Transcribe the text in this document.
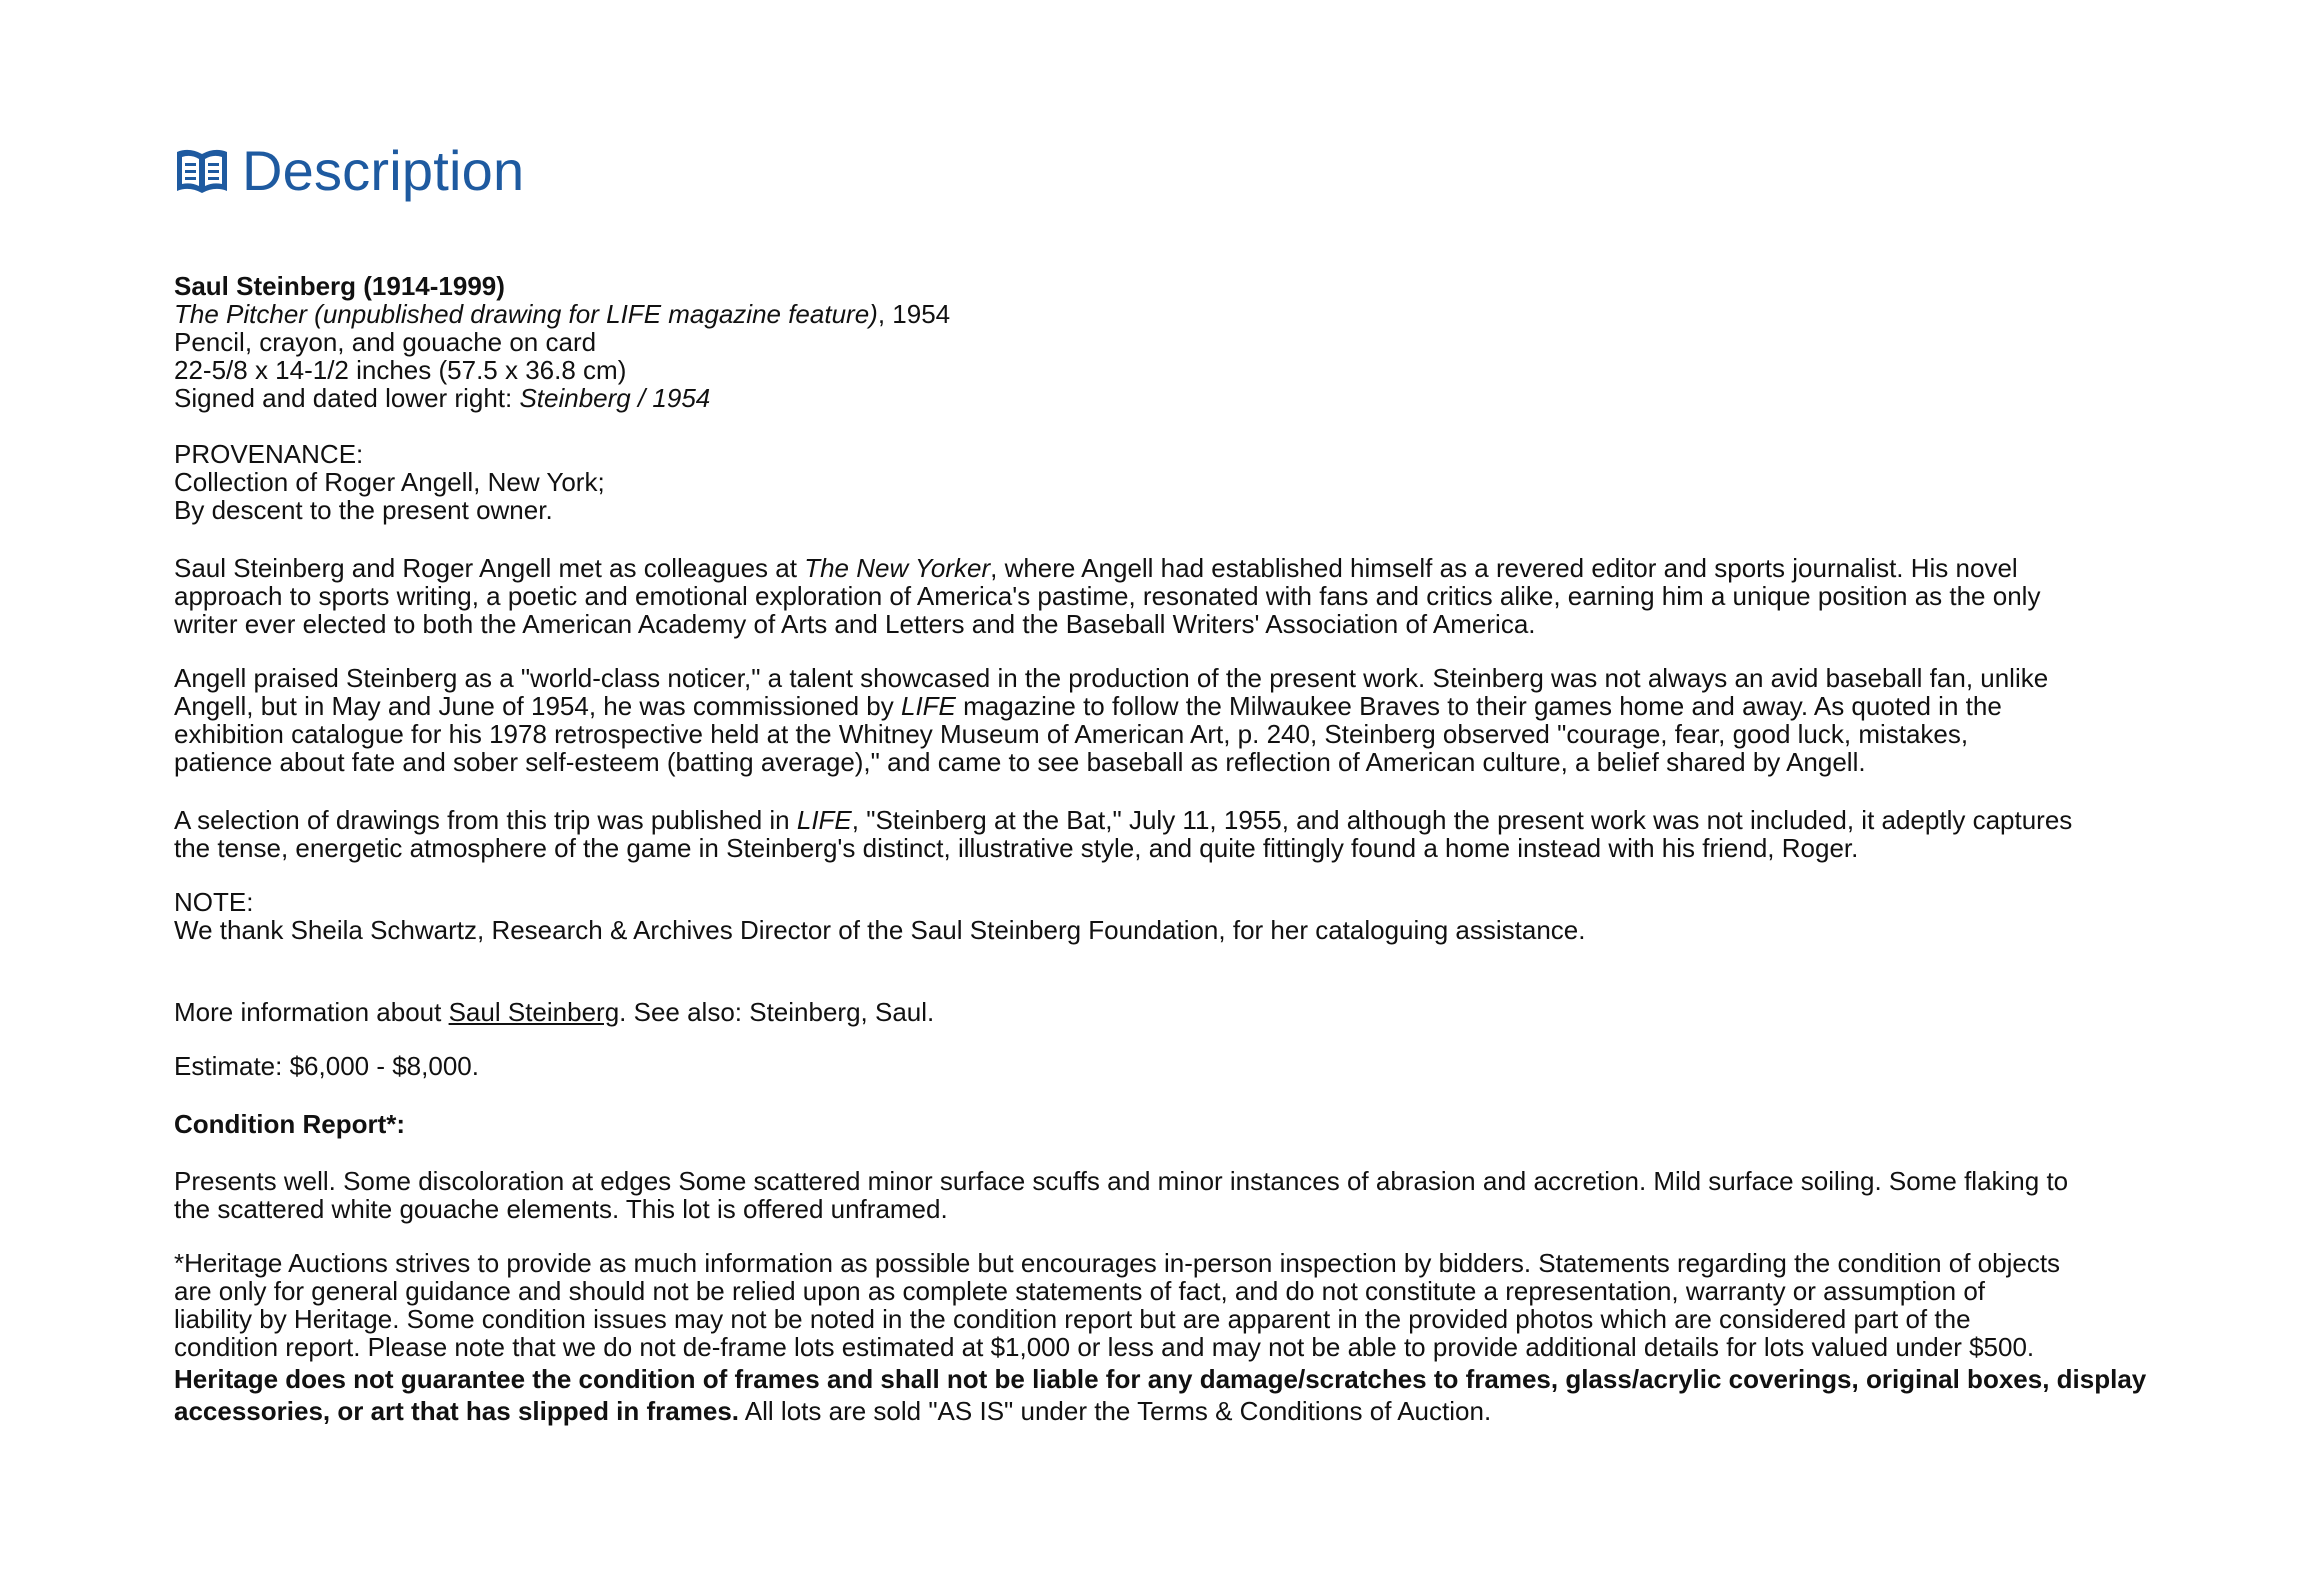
Description
Saul Steinberg (1914-1999)
The Pitcher (unpublished drawing for LIFE magazine feature), 1954
Pencil, crayon, and gouache on card
22-5/8 x 14-1/2 inches (57.5 x 36.8 cm)
Signed and dated lower right: Steinberg / 1954
PROVENANCE:
Collection of Roger Angell, New York;
By descent to the present owner.
Saul Steinberg and Roger Angell met as colleagues at The New Yorker, where Angell had established himself as a revered editor and sports journalist. His novel
approach to sports writing, a poetic and emotional exploration of America's pastime, resonated with fans and critics alike, earning him a unique position as the only
writer ever elected to both the American Academy of Arts and Letters and the Baseball Writers' Association of America.
Angell praised Steinberg as a "world-class noticer," a talent showcased in the production of the present work. Steinberg was not always an avid baseball fan, unlike
Angell, but in May and June of 1954, he was commissioned by LIFE magazine to follow the Milwaukee Braves to their games home and away. As quoted in the
exhibition catalogue for his 1978 retrospective held at the Whitney Museum of American Art, p. 240, Steinberg observed "courage, fear, good luck, mistakes,
patience about fate and sober self-esteem (batting average)," and came to see baseball as reflection of American culture, a belief shared by Angell.
A selection of drawings from this trip was published in LIFE, "Steinberg at the Bat," July 11, 1955, and although the present work was not included, it adeptly captures
the tense, energetic atmosphere of the game in Steinberg's distinct, illustrative style, and quite fittingly found a home instead with his friend, Roger.
NOTE:
We thank Sheila Schwartz, Research & Archives Director of the Saul Steinberg Foundation, for her cataloguing assistance.
More information about Saul Steinberg. See also: Steinberg, Saul.
Estimate: $6,000 - $8,000.
Condition Report*:
Presents well. Some discoloration at edges Some scattered minor surface scuffs and minor instances of abrasion and accretion. Mild surface soiling. Some flaking to
the scattered white gouache elements. This lot is offered unframed.
*Heritage Auctions strives to provide as much information as possible but encourages in-person inspection by bidders. Statements regarding the condition of objects
are only for general guidance and should not be relied upon as complete statements of fact, and do not constitute a representation, warranty or assumption of
liability by Heritage. Some condition issues may not be noted in the condition report but are apparent in the provided photos which are considered part of the
condition report. Please note that we do not de-frame lots estimated at $1,000 or less and may not be able to provide additional details for lots valued under $500.
Heritage does not guarantee the condition of frames and shall not be liable for any damage/scratches to frames, glass/acrylic coverings, original boxes, display
accessories, or art that has slipped in frames. All lots are sold "AS IS" under the Terms & Conditions of Auction.
